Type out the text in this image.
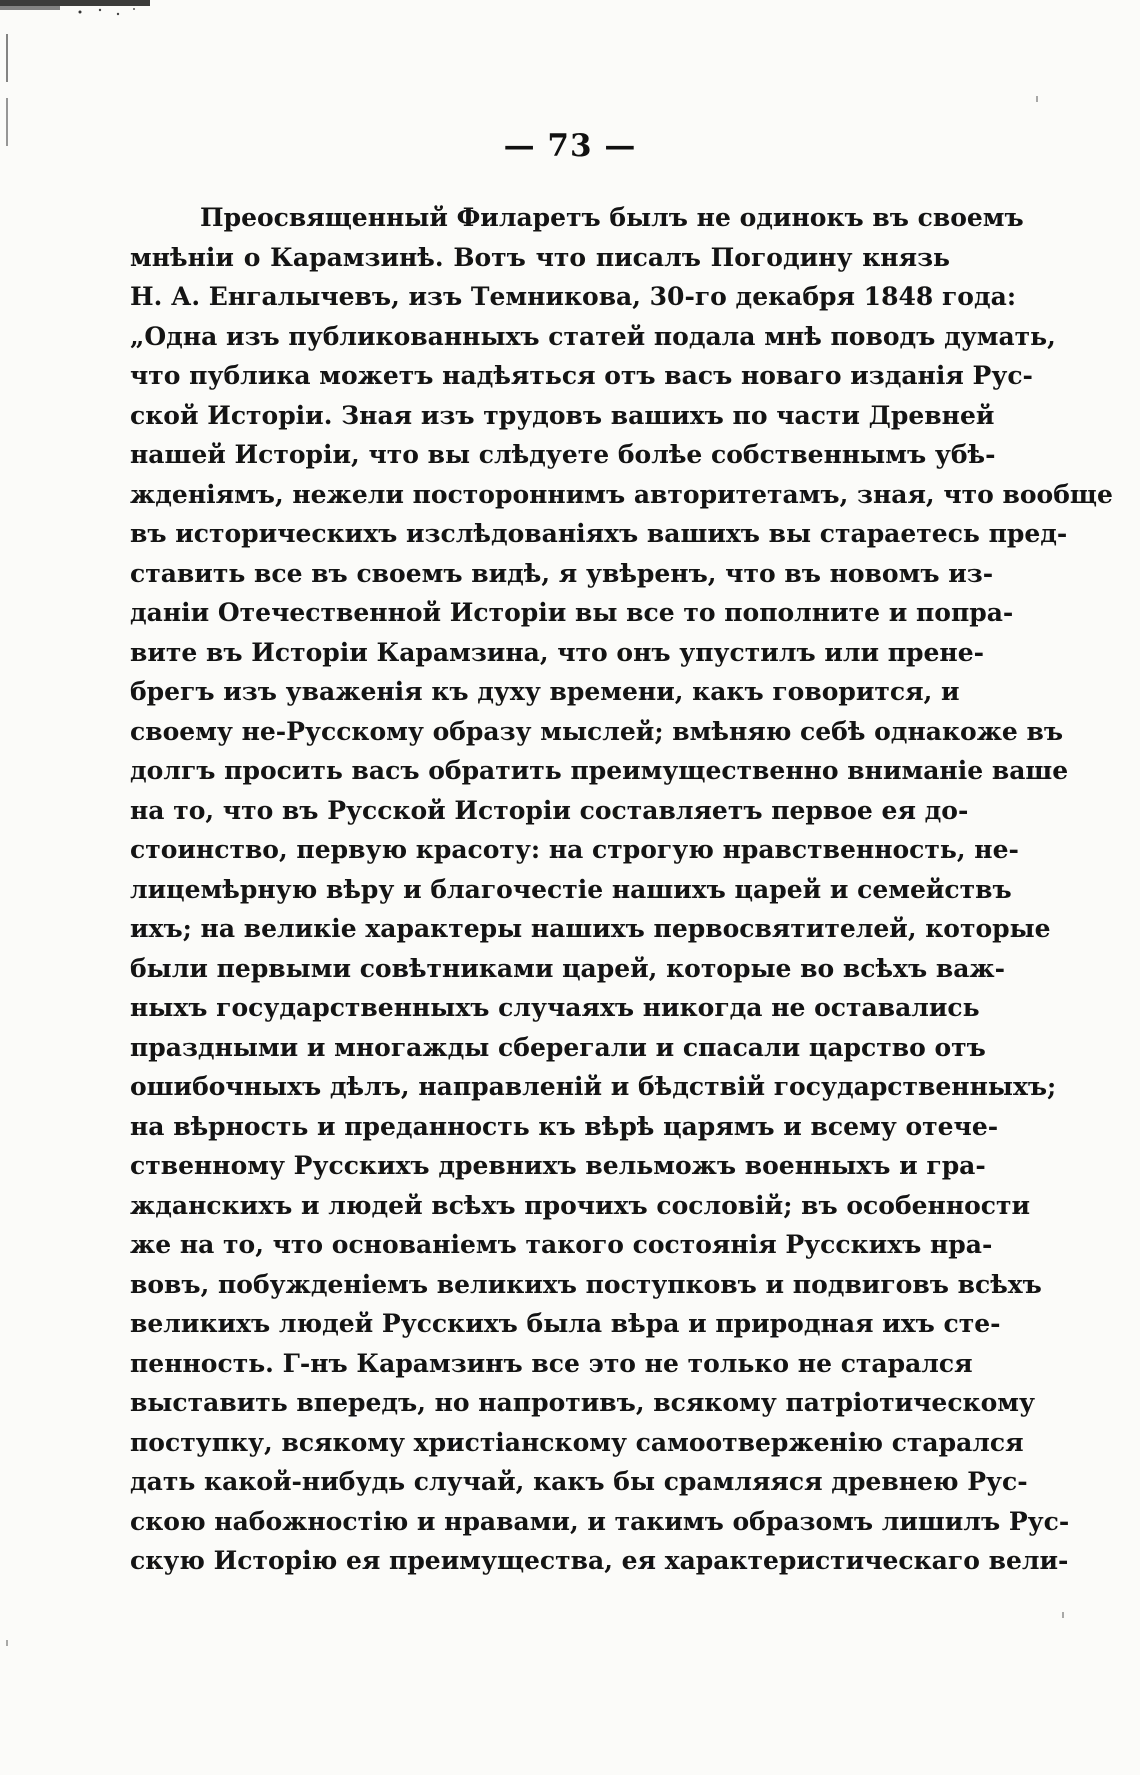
— 73 —
Преосвященный Филаретъ былъ не одинокъ въ своемъ
мнѣніи о Карамзинѣ. Вотъ что писалъ Погодину князь
Н. А. Енгалычевъ, изъ Темникова, 30-го декабря 1848 года:
„Одна изъ публикованныхъ статей подала мнѣ поводъ думать,
что публика можетъ надѣяться отъ васъ новаго изданія Рус-
ской Исторіи. Зная изъ трудовъ вашихъ по части Древней
нашей Исторіи, что вы слѣдуете болѣе собственнымъ убѣ-
жденіямъ, нежели постороннимъ авторитетамъ, зная, что вообще
въ историческихъ изслѣдованіяхъ вашихъ вы стараетесь пред-
ставить все въ своемъ видѣ, я увѣренъ, что въ новомъ из-
даніи Отечественной Исторіи вы все то пополните и попра-
вите въ Исторіи Карамзина, что онъ упустилъ или прене-
брегъ изъ уваженія къ духу времени, какъ говорится, и
своему не-Русскому образу мыслей; вмѣняю себѣ однакоже въ
долгъ просить васъ обратить преимущественно вниманіе ваше
на то, что въ Русской Исторіи составляетъ первое ея до-
стоинство, первую красоту: на строгую нравственность, не-
лицемѣрную вѣру и благочестіе нашихъ царей и семействъ
ихъ; на великіе характеры нашихъ первосвятителей, которые
были первыми совѣтниками царей, которые во всѣхъ важ-
ныхъ государственныхъ случаяхъ никогда не оставались
праздными и многажды сберегали и спасали царство отъ
ошибочныхъ дѣлъ, направленій и бѣдствій государственныхъ;
на вѣрность и преданность къ вѣрѣ царямъ и всему отече-
ственному Русскихъ древнихъ вельможъ военныхъ и гра-
жданскихъ и людей всѣхъ прочихъ сословій; въ особенности
же на то, что основаніемъ такого состоянія Русскихъ нра-
вовъ, побужденіемъ великихъ поступковъ и подвиговъ всѣхъ
великихъ людей Русскихъ была вѣра и природная ихъ сте-
пенность. Г-нъ Карамзинъ все это не только не старался
выставить впередъ, но напротивъ, всякому патріотическому
поступку, всякому христіанскому самоотверженію старался
дать какой-нибудь случай, какъ бы срамляяся древнею Рус-
скою набожностію и нравами, и такимъ образомъ лишилъ Рус-
скую Исторію ея преимущества, ея характеристическаго вели-
